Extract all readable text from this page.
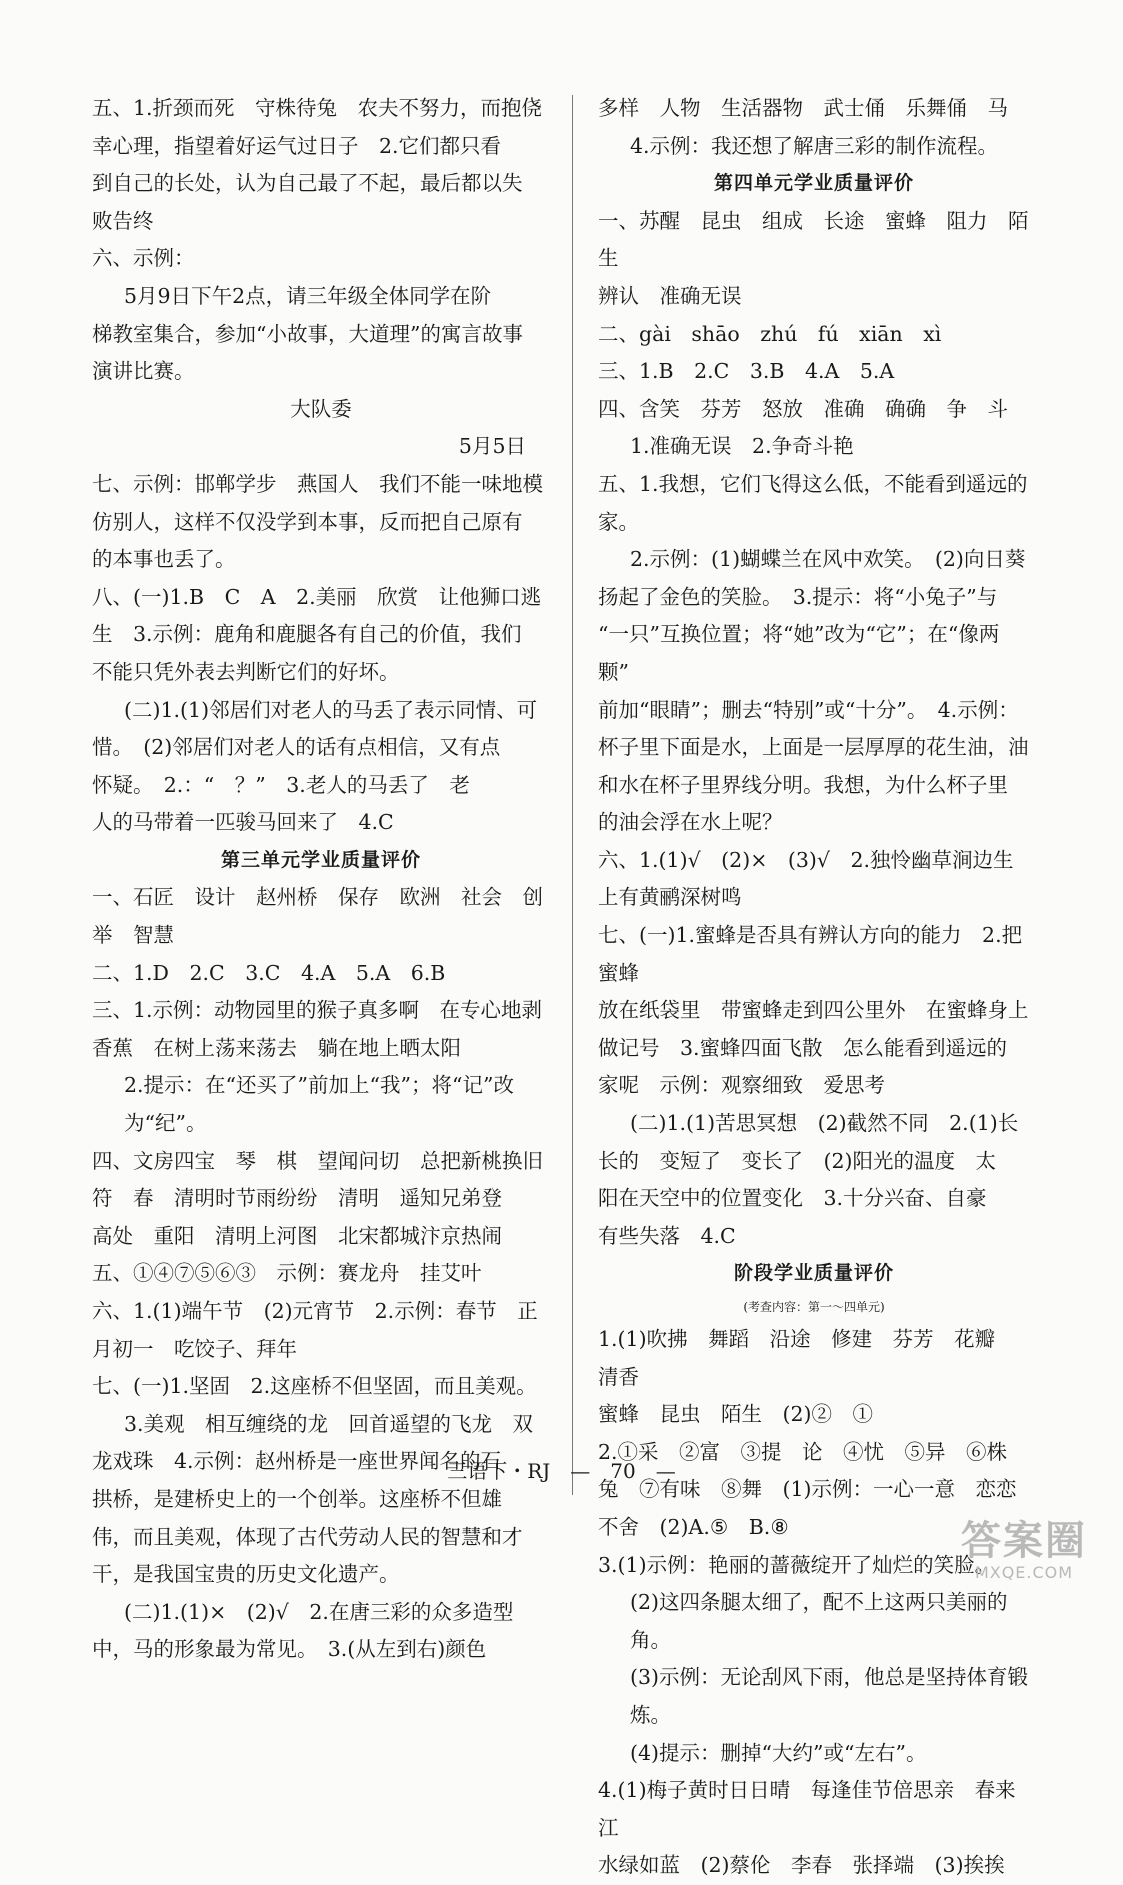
五、1.折颈而死　守株待兔　农夫不努力，而抱侥

幸心理，指望着好运气过日子　2.它们都只看

到自己的长处，认为自己最了不起，最后都以失

败告终

六、示例：

5月9日下午2点，请三年级全体同学在阶

梯教室集合，参加“小故事，大道理”的寓言故事

演讲比赛。

大队委

5月5日

七、示例：邯郸学步　燕国人　我们不能一味地模

仿别人，这样不仅没学到本事，反而把自己原有

的本事也丢了。

八、(一)1.B　C　A　2.美丽　欣赏　让他狮口逃

生　3.示例：鹿角和鹿腿各有自己的价值，我们

不能只凭外表去判断它们的好坏。

(二)1.(1)邻居们对老人的马丢了表示同情、可

惜。　(2)邻居们对老人的话有点相信，又有点

怀疑。　2.：“　？”　3.老人的马丢了　老

人的马带着一匹骏马回来了　4.C

第三单元学业质量评价

一、石匠　设计　赵州桥　保存　欧洲　社会　创

举　智慧

二、1.D　2.C　3.C　4.A　5.A　6.B

三、1.示例：动物园里的猴子真多啊　在专心地剥

香蕉　在树上荡来荡去　躺在地上晒太阳

2.提示：在“还买了”前加上“我”；将“记”改为“纪”。

四、文房四宝　琴　棋　望闻问切　总把新桃换旧

符　春　清明时节雨纷纷　清明　遥知兄弟登

高处　重阳　清明上河图　北宋都城汴京热闹

五、①④⑦⑤⑥③　示例：赛龙舟　挂艾叶

六、1.(1)端午节　(2)元宵节　2.示例：春节　正

月初一　吃饺子、拜年

七、(一)1.坚固　2.这座桥不但坚固，而且美观。

3.美观　相互缠绕的龙　回首遥望的飞龙　双

龙戏珠　4.示例：赵州桥是一座世界闻名的石

拱桥，是建桥史上的一个创举。这座桥不但雄

伟，而且美观，体现了古代劳动人民的智慧和才

干，是我国宝贵的历史文化遗产。

(二)1.(1)×　(2)√　2.在唐三彩的众多造型

中，马的形象最为常见。　3.(从左到右)颜色

多样　人物　生活器物　武士俑　乐舞俑　马

4.示例：我还想了解唐三彩的制作流程。

第四单元学业质量评价

一、苏醒　昆虫　组成　长途　蜜蜂　阻力　陌生

辨认　准确无误

二、gài　shāo　zhú　fú　xiān　xì

三、1.B　2.C　3.B　4.A　5.A

四、含笑　芬芳　怒放　准确　确确　争　斗

1.准确无误　2.争奇斗艳

五、1.我想，它们飞得这么低，不能看到遥远的家。

2.示例：(1)蝴蝶兰在风中欢笑。　(2)向日葵

扬起了金色的笑脸。　3.提示：将“小兔子”与

“一只”互换位置；将“她”改为“它”；在“像两颗”

前加“眼睛”；删去“特别”或“十分”。　4.示例：

杯子里下面是水，上面是一层厚厚的花生油，油

和水在杯子里界线分明。我想，为什么杯子里

的油会浮在水上呢？

六、1.(1)√　(2)×　(3)√　2.独怜幽草涧边生

上有黄鹂深树鸣

七、(一)1.蜜蜂是否具有辨认方向的能力　2.把蜜蜂

放在纸袋里　带蜜蜂走到四公里外　在蜜蜂身上

做记号　3.蜜蜂四面飞散　怎么能看到遥远的

家呢　示例：观察细致　爱思考

(二)1.(1)苦思冥想　(2)截然不同　2.(1)长

长的　变短了　变长了　(2)阳光的温度　太

阳在天空中的位置变化　3.十分兴奋、自豪

有些失落　4.C

阶段学业质量评价

(考查内容：第一～四单元)

1.(1)吹拂　舞蹈　沿途　修建　芬芳　花瓣　清香

蜜蜂　昆虫　陌生　(2)②　①

2.①采　②富　③提　论　④忧　⑤异　⑥株

兔　⑦有味　⑧舞　(1)示例：一心一意　恋恋

不舍　(2)A.⑤　B.⑧

3.(1)示例：艳丽的蔷薇绽开了灿烂的笑脸。

(2)这四条腿太细了，配不上这两只美丽的角。

(3)示例：无论刮风下雨，他总是坚持体育锻炼。

(4)提示：删掉“大约”或“左右”。

4.(1)梅子黄时日日晴　每逢佳节倍思亲　春来江

水绿如蓝　(2)蔡伦　李春　张择端　(3)挨挨

三语下・RJ　—　70　—
答案圈
MXQE.COM
